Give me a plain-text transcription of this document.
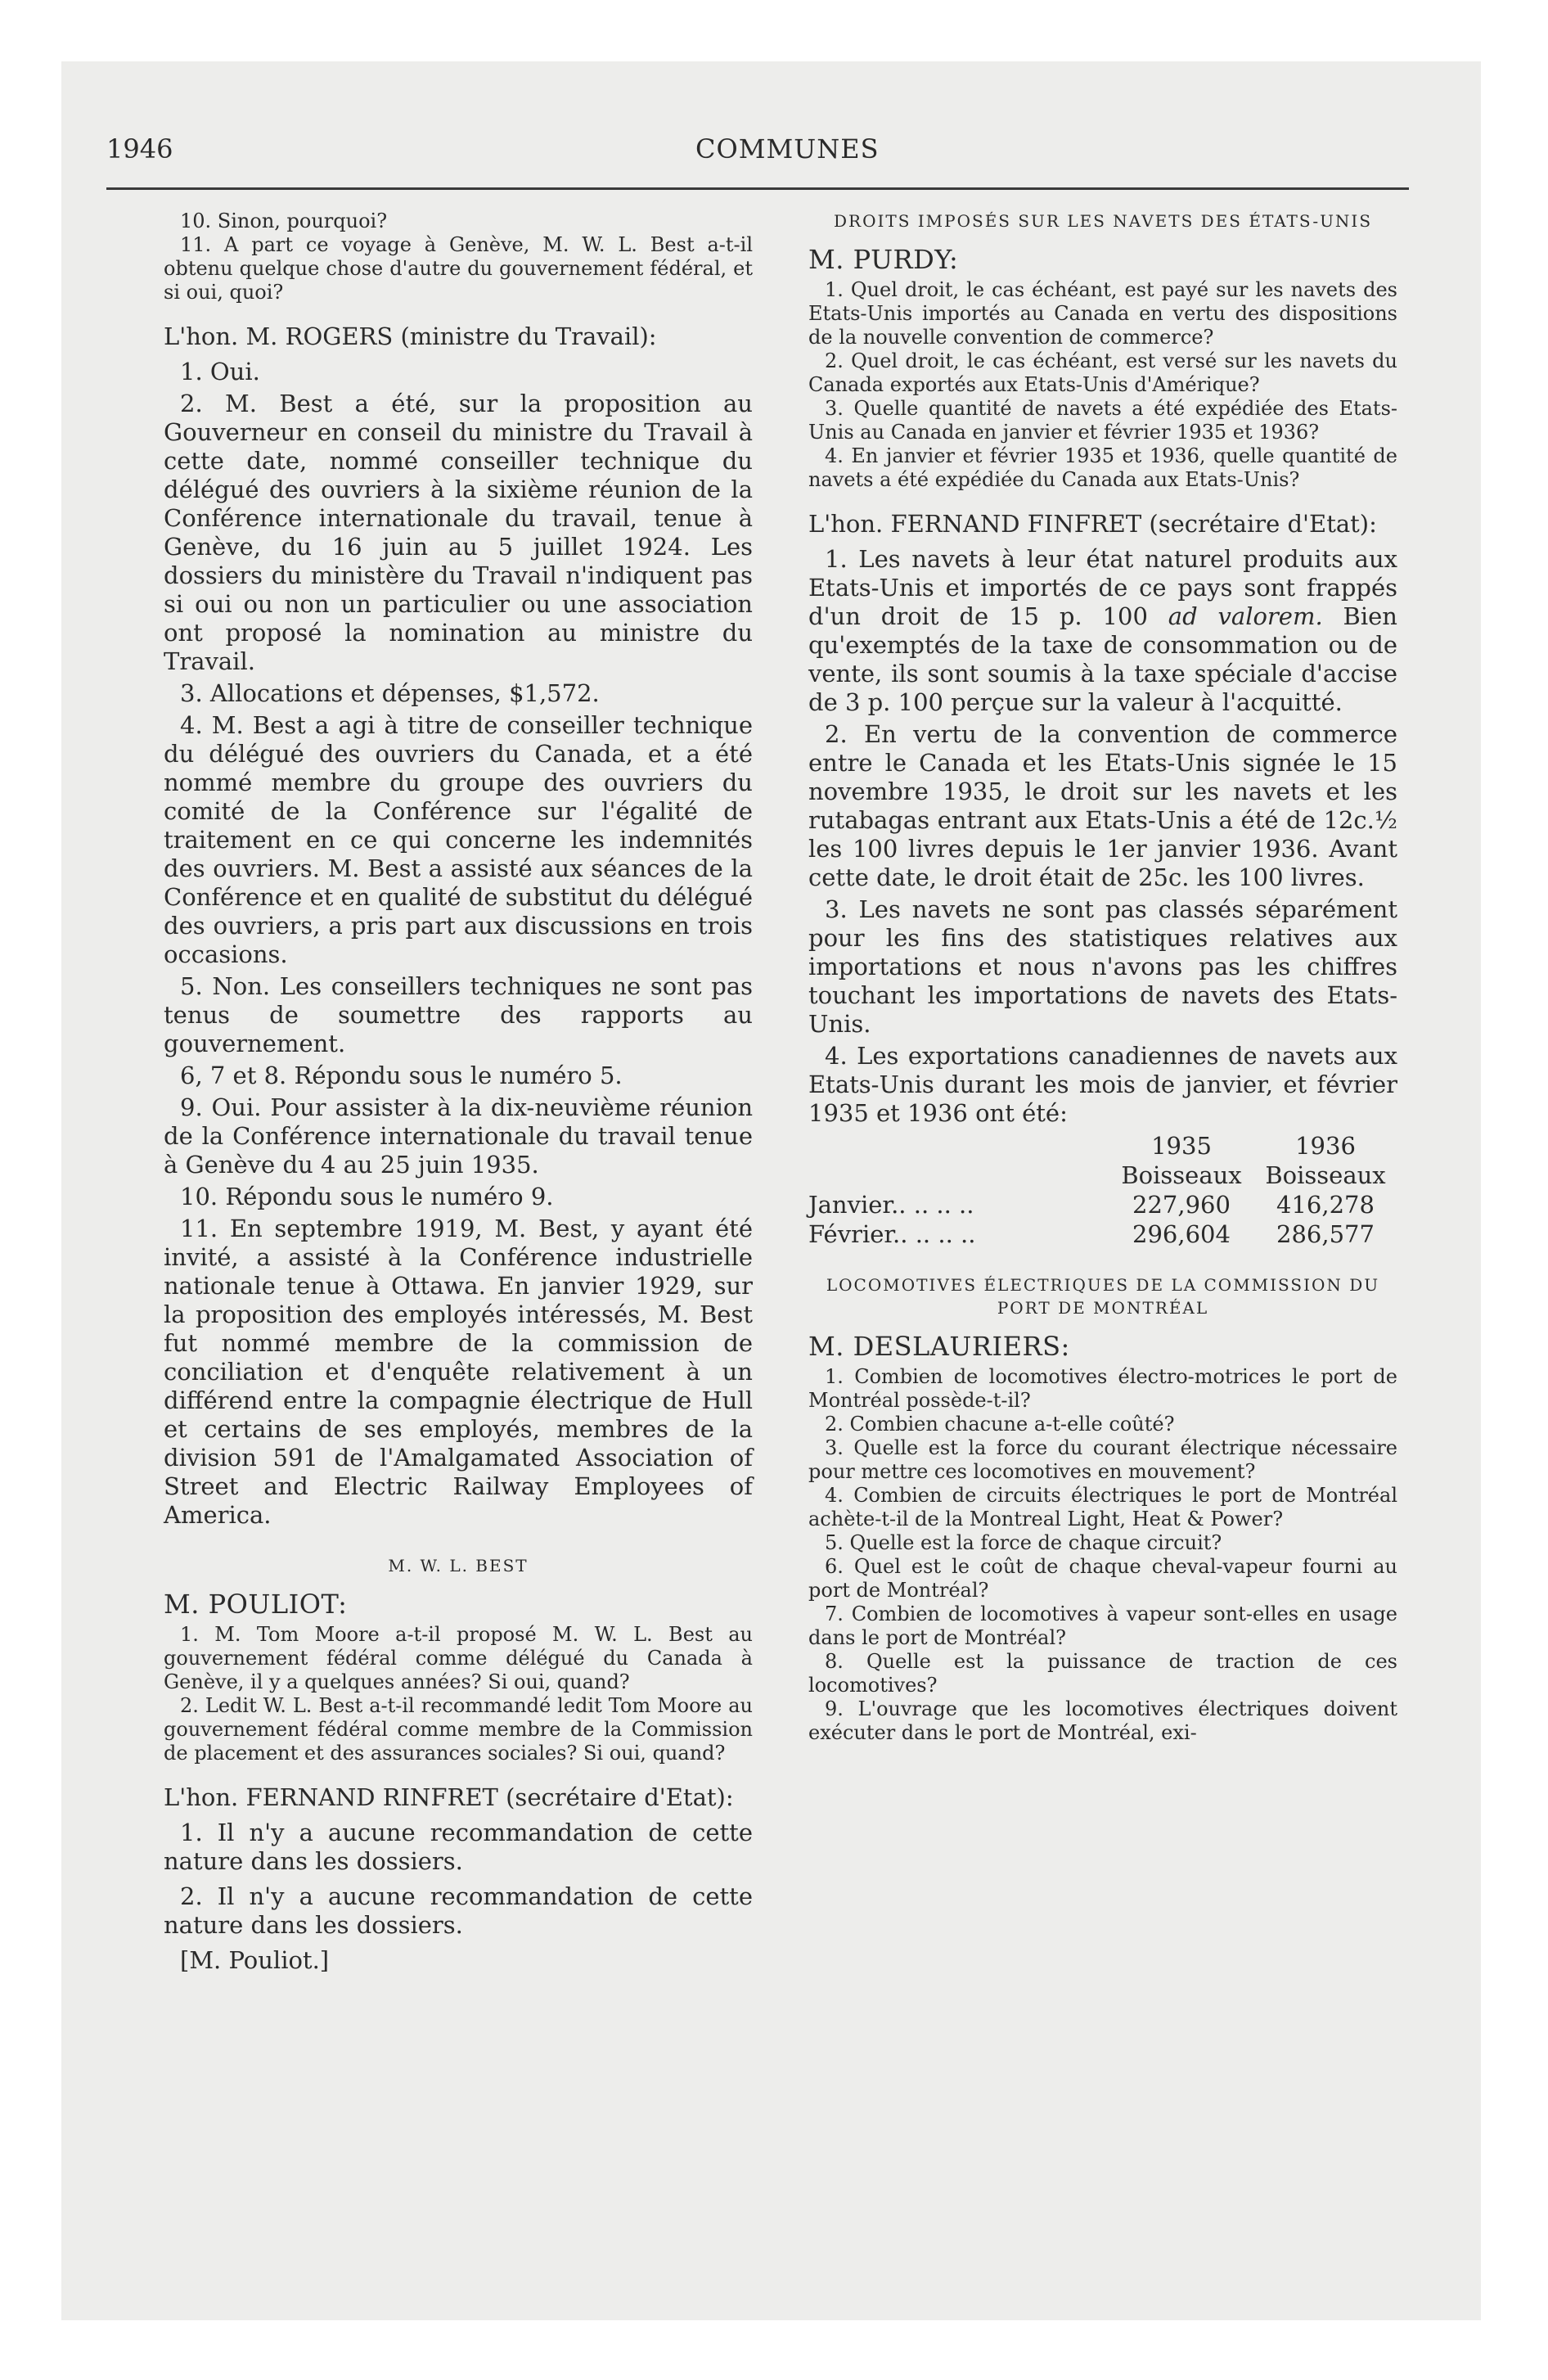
1946	COMMUNES

10. Sinon, pourquoi?

11. A part ce voyage à Genève, M. W. L. Best a-t-il obtenu quelque chose d'autre du gouvernement fédéral, et si oui, quoi?

L'hon. M. ROGERS (ministre du Travail):

1. Oui.

2. M. Best a été, sur la proposition au Gouverneur en conseil du ministre du Travail à cette date, nommé conseiller technique du délégué des ouvriers à la sixième réunion de la Conférence internationale du travail, tenue à Genève, du 16 juin au 5 juillet 1924. Les dossiers du ministère du Travail n'indiquent pas si oui ou non un particulier ou une association ont proposé la nomination au ministre du Travail.

3. Allocations et dépenses, $1,572.

4. M. Best a agi à titre de conseiller technique du délégué des ouvriers du Canada, et a été nommé membre du groupe des ouvriers du comité de la Conférence sur l'égalité de traitement en ce qui concerne les indemnités des ouvriers. M. Best a assisté aux séances de la Conférence et en qualité de substitut du délégué des ouvriers, a pris part aux discussions en trois occasions.

5. Non. Les conseillers techniques ne sont pas tenus de soumettre des rapports au gouvernement.

6, 7 et 8. Répondu sous le numéro 5.

9. Oui. Pour assister à la dix-neuvième réunion de la Conférence internationale du travail tenue à Genève du 4 au 25 juin 1935.

10. Répondu sous le numéro 9.

11. En septembre 1919, M. Best, y ayant été invité, a assisté à la Conférence industrielle nationale tenue à Ottawa. En janvier 1929, sur la proposition des employés intéressés, M. Best fut nommé membre de la commission de conciliation et d'enquête relativement à un différend entre la compagnie électrique de Hull et certains de ses employés, membres de la division 591 de l'Amalgamated Association of Street and Electric Railway Employees of America.

M. W. L. BEST

M. POULIOT:

1. M. Tom Moore a-t-il proposé M. W. L. Best au gouvernement fédéral comme délégué du Canada à Genève, il y a quelques années? Si oui, quand?

2. Ledit W. L. Best a-t-il recommandé ledit Tom Moore au gouvernement fédéral comme membre de la Commission de placement et des assurances sociales? Si oui, quand?

L'hon. FERNAND RINFRET (secrétaire d'Etat):

1. Il n'y a aucune recommandation de cette nature dans les dossiers.

2. Il n'y a aucune recommandation de cette nature dans les dossiers.

[M. Pouliot.]

DROITS IMPOSÉS SUR LES NAVETS DES ÉTATS-UNIS

M. PURDY:

1. Quel droit, le cas échéant, est payé sur les navets des Etats-Unis importés au Canada en vertu des dispositions de la nouvelle convention de commerce?

2. Quel droit, le cas échéant, est versé sur les navets du Canada exportés aux Etats-Unis d'Amérique?

3. Quelle quantité de navets a été expédiée des Etats-Unis au Canada en janvier et février 1935 et 1936?

4. En janvier et février 1935 et 1936, quelle quantité de navets a été expédiée du Canada aux Etats-Unis?

L'hon. FERNAND FINFRET (secrétaire d'Etat):

1. Les navets à leur état naturel produits aux Etats-Unis et importés de ce pays sont frappés d'un droit de 15 p. 100 ad valorem. Bien qu'exemptés de la taxe de consommation ou de vente, ils sont soumis à la taxe spéciale d'accise de 3 p. 100 perçue sur la valeur à l'acquitté.

2. En vertu de la convention de commerce entre le Canada et les Etats-Unis signée le 15 novembre 1935, le droit sur les navets et les rutabagas entrant aux Etats-Unis a été de 12c.½ les 100 livres depuis le 1er janvier 1936. Avant cette date, le droit était de 25c. les 100 livres.

3. Les navets ne sont pas classés séparément pour les fins des statistiques relatives aux importations et nous n'avons pas les chiffres touchant les importations de navets des Etats-Unis.

4. Les exportations canadiennes de navets aux Etats-Unis durant les mois de janvier, et février 1935 et 1936 ont été:

	1935	1936
	Boisseaux	Boisseaux
Janvier.. .. .. ..	227,960	416,278
Février.. .. .. ..	296,604	286,577

LOCOMOTIVES ÉLECTRIQUES DE LA COMMISSION DU PORT DE MONTRÉAL

M. DESLAURIERS:

1. Combien de locomotives électro-motrices le port de Montréal possède-t-il?

2. Combien chacune a-t-elle coûté?

3. Quelle est la force du courant électrique nécessaire pour mettre ces locomotives en mouvement?

4. Combien de circuits électriques le port de Montréal achète-t-il de la Montreal Light, Heat & Power?

5. Quelle est la force de chaque circuit?

6. Quel est le coût de chaque cheval-vapeur fourni au port de Montréal?

7. Combien de locomotives à vapeur sont-elles en usage dans le port de Montréal?

8. Quelle est la puissance de traction de ces locomotives?

9. L'ouvrage que les locomotives électriques doivent exécuter dans le port de Montréal, exi-
